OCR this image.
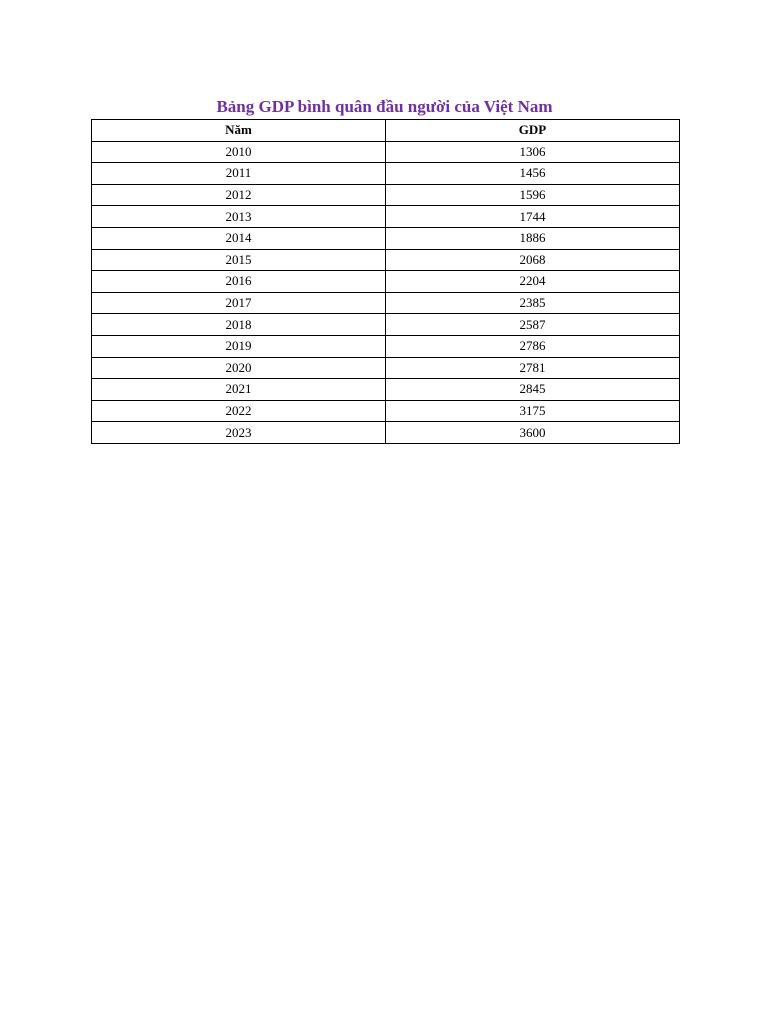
Bảng GDP bình quân đầu người của Việt Nam
Năm	GDP
2010	1306
2011	1456
2012	1596
2013	1744
2014	1886
2015	2068
2016	2204
2017	2385
2018	2587
2019	2786
2020	2781
2021	2845
2022	3175
2023	3600
